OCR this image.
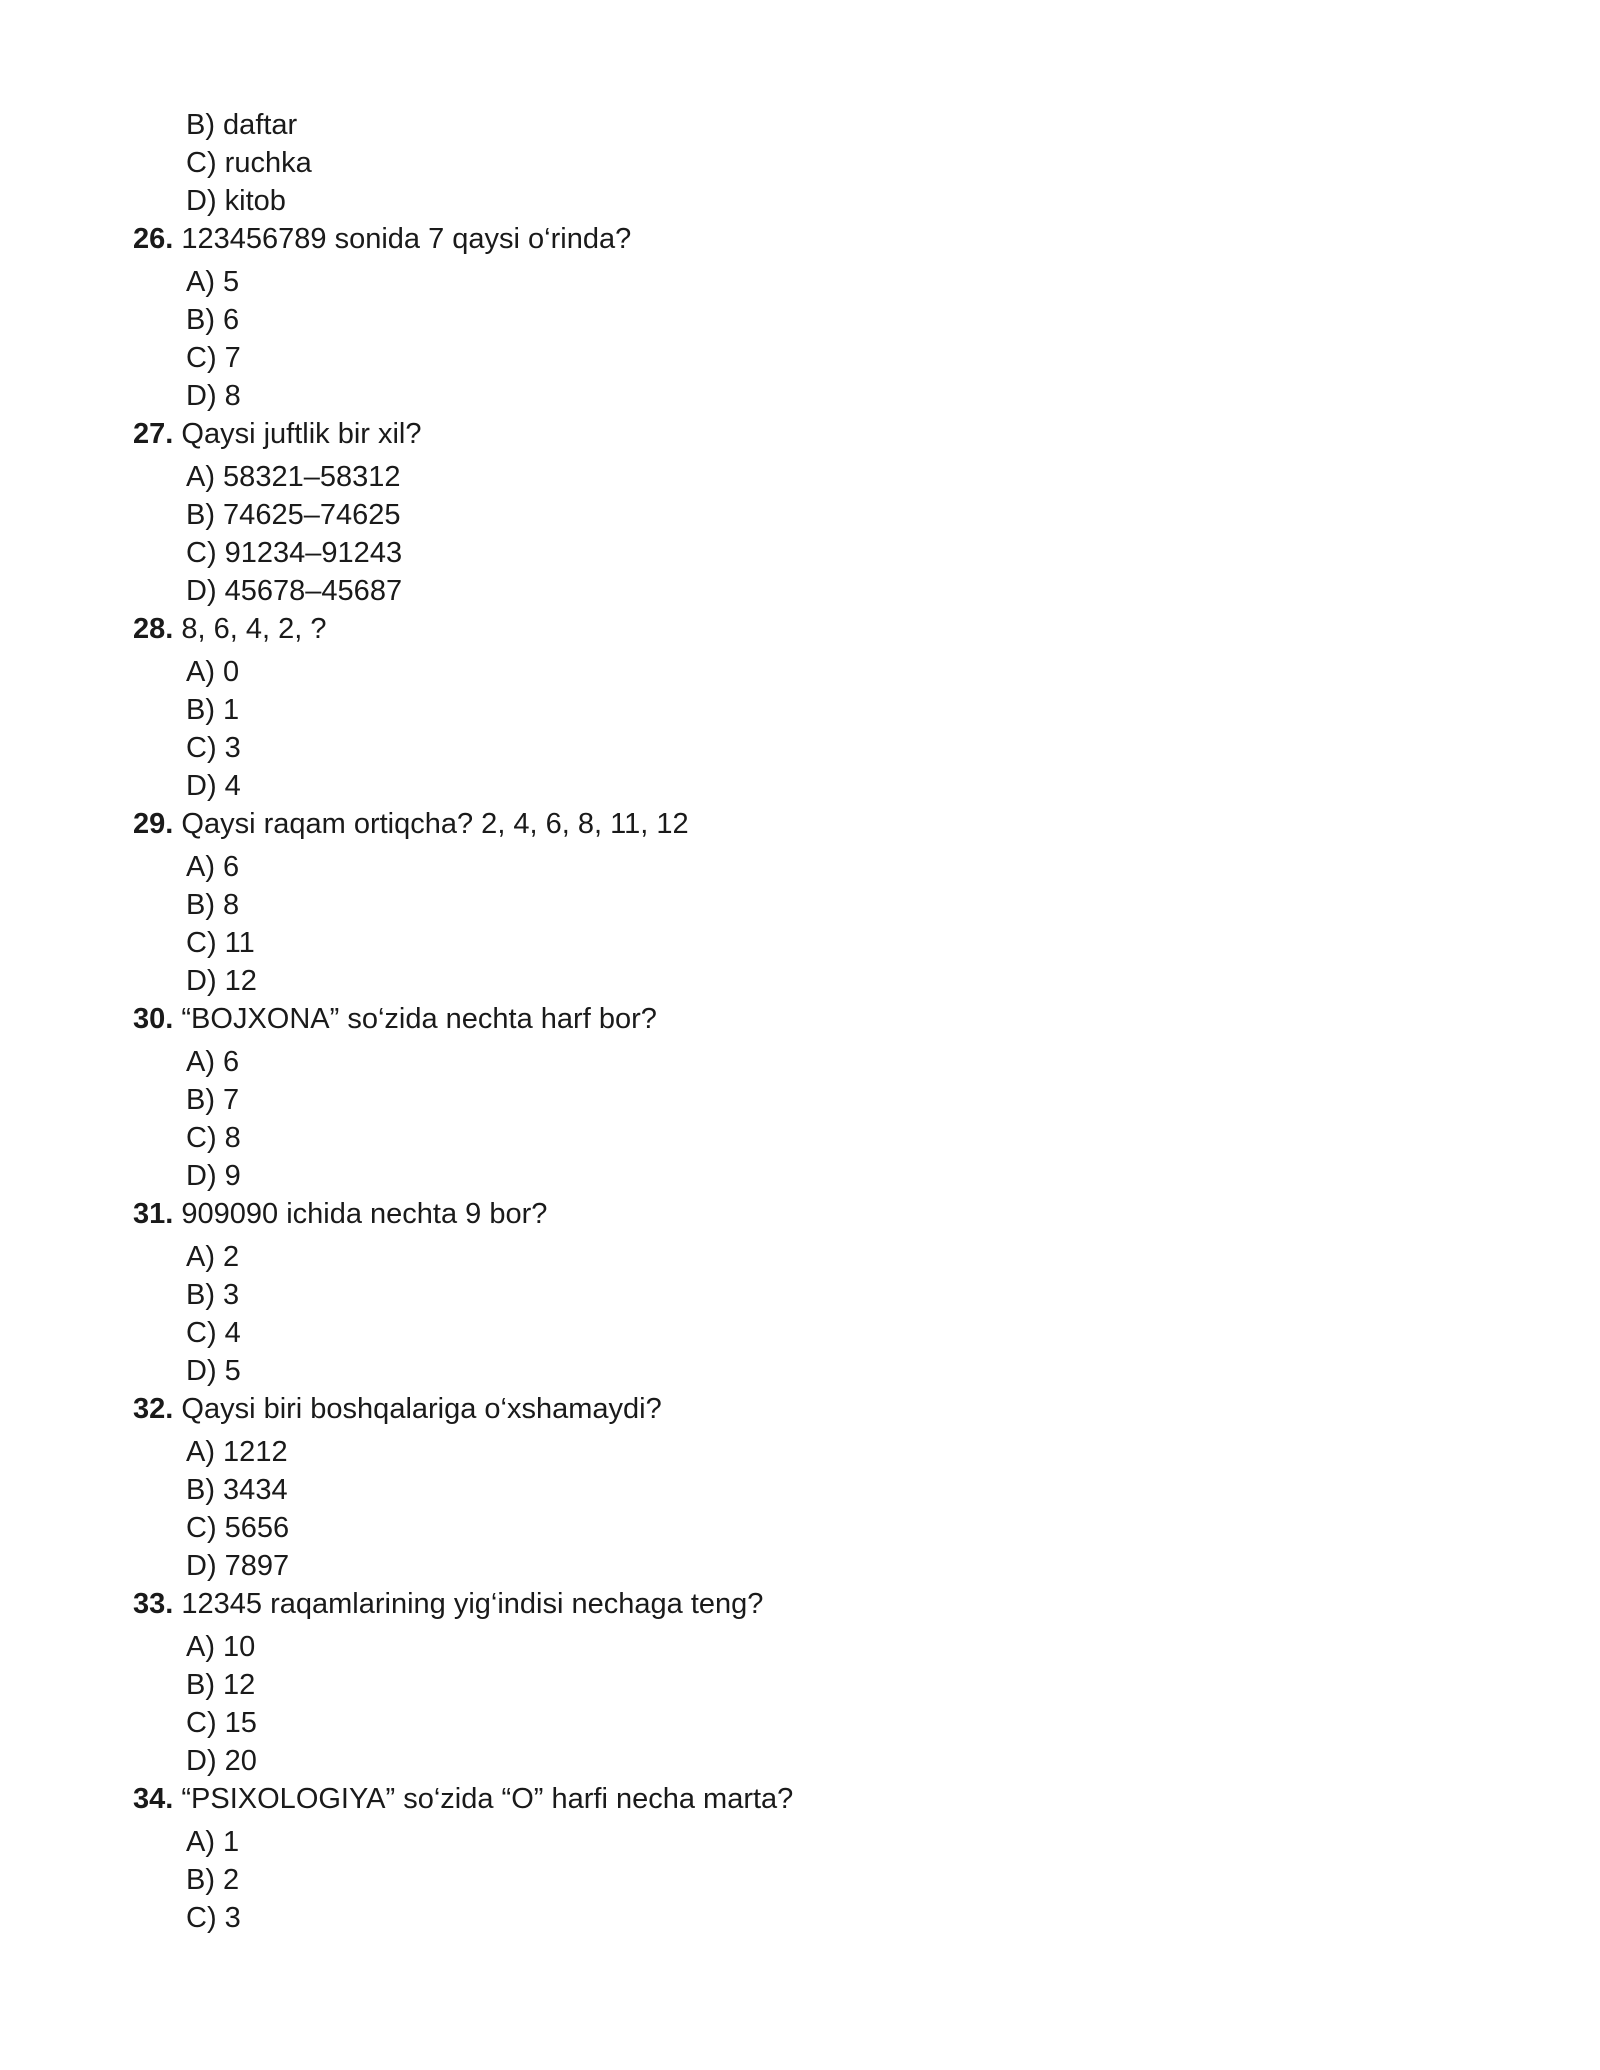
B) daftar
C) ruchka
D) kitob
26. 123456789 sonida 7 qaysi o‘rinda?
A) 5
B) 6
C) 7
D) 8
27. Qaysi juftlik bir xil?
A) 58321–58312
B) 74625–74625
C) 91234–91243
D) 45678–45687
28. 8, 6, 4, 2, ?
A) 0
B) 1
C) 3
D) 4
29. Qaysi raqam ortiqcha? 2, 4, 6, 8, 11, 12
A) 6
B) 8
C) 11
D) 12
30. “BOJXONA” so‘zida nechta harf bor?
A) 6
B) 7
C) 8
D) 9
31. 909090 ichida nechta 9 bor?
A) 2
B) 3
C) 4
D) 5
32. Qaysi biri boshqalariga o‘xshamaydi?
A) 1212
B) 3434
C) 5656
D) 7897
33. 12345 raqamlarining yig‘indisi nechaga teng?
A) 10
B) 12
C) 15
D) 20
34. “PSIXOLOGIYA” so‘zida “O” harfi necha marta?
A) 1
B) 2
C) 3
